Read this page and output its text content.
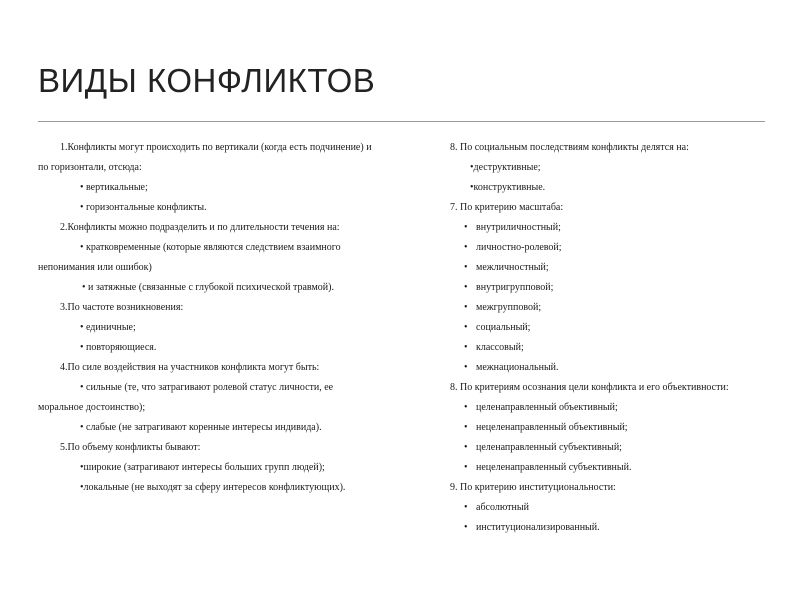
ВИДЫ КОНФЛИКТОВ
1.Конфликты могут происходить по вертикали (когда есть подчинение) и
по горизонтали, отсюда:
• вертикальные;
• горизонтальные конфликты.
2.Конфликты можно подразделить и по длительности течения на:
• кратковременные (которые являются следствием взаимного
непонимания или ошибок)
• и затяжные (связанные с глубокой психической травмой).
3.По частоте возникновения:
• единичные;
• повторяющиеся.
4.По силе воздействия на участников конфликта могут быть:
• сильные (те, что затрагивают ролевой статус личности, ее
моральное достоинство);
• слабые (не затрагивают коренные интересы индивида).
5.По объему конфликты бывают:
•широкие (затрагивают интересы больших групп людей);
•локальные (не выходят за сферу интересов конфликтующих).
8. По социальным последствиям конфликты делятся на:
•деструктивные;
•конструктивные.
7. По критерию масштаба:
• внутриличностный;
• личностно-ролевой;
• межличностный;
• внутригрупповой;
• межгрупповой;
• социальный;
• классовый;
• межнациональный.
8. По критериям осознания цели конфликта и его объективности:
• целенаправленный объективный;
• нецеленаправленный объективный;
• целенаправленный субъективный;
• нецеленаправленный субъективный.
9. По критерию институциональности:
• абсолютный
• институционализированный.
